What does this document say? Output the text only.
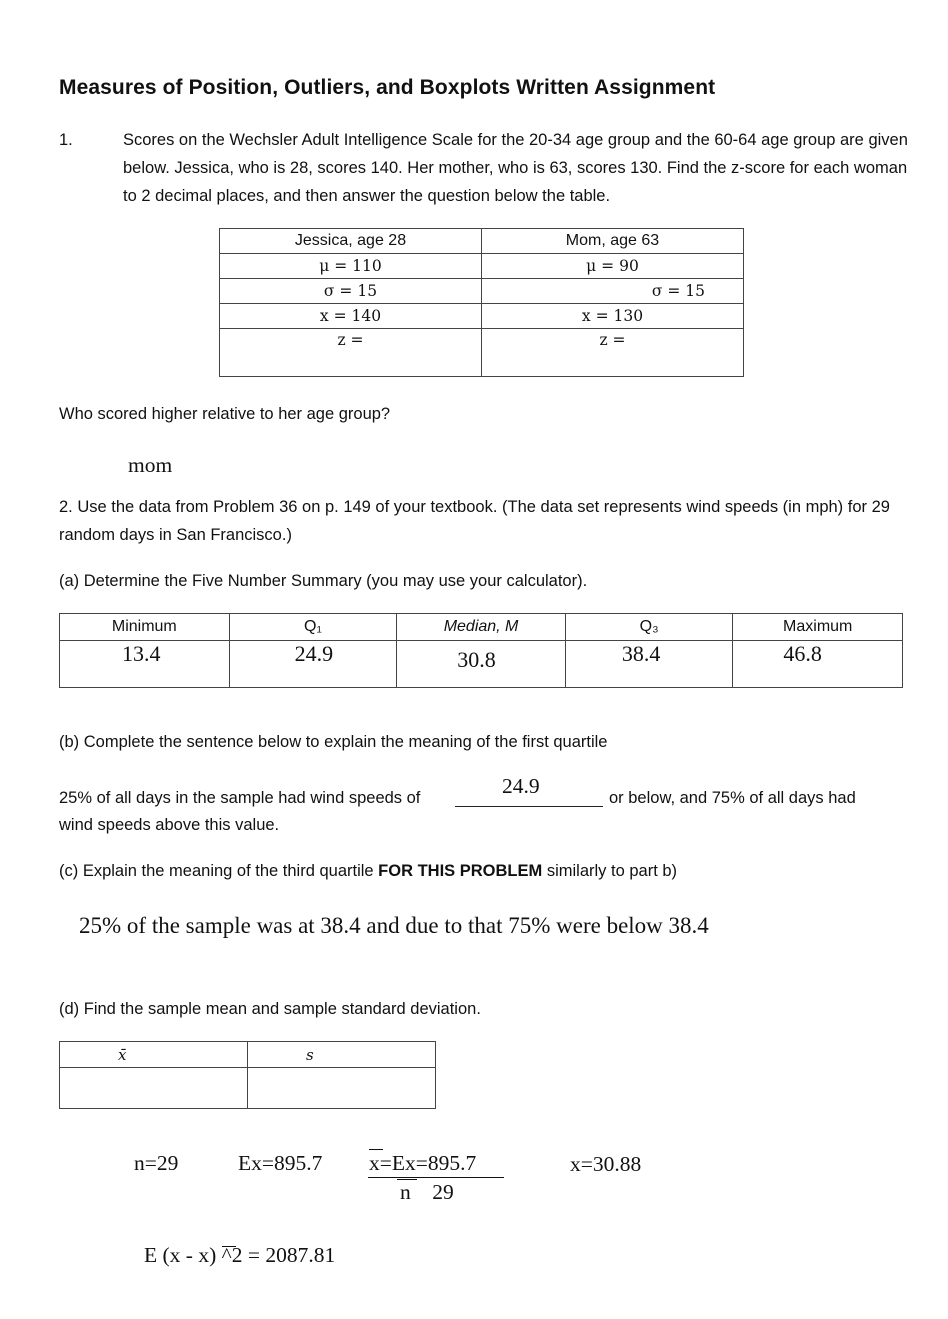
Measures of Position, Outliers, and Boxplots Written Assignment
1.	Scores on the Wechsler Adult Intelligence Scale for the 20-34 age group and the 60-64 age group are given below. Jessica, who is 28, scores 140. Her mother, who is 63, scores 130. Find the z-score for each woman to 2 decimal places, and then answer the question below the table.
Jessica, age 28	Mom, age 63
μ = 110	μ = 90
σ = 15	σ = 15
x = 140	x = 130
z =	z =
Who scored higher relative to her age group?
mom
2. Use the data from Problem 36 on p. 149 of your textbook. (The data set represents wind speeds (in mph) for 29 random days in San Francisco.)
(a) Determine the Five Number Summary (you may use your calculator).
Minimum	Q₁	Median, M	Q₃	Maximum
13.4	24.9	30.8	38.4	46.8
(b) Complete the sentence below to explain the meaning of the first quartile
25% of all days in the sample had wind speeds of	24.9	or below, and 75% of all days had
wind speeds above this value.
(c) Explain the meaning of the third quartile FOR THIS PROBLEM similarly to part b)
25% of the sample was at 38.4 and due to that 75% were below 38.4
(d) Find the sample mean and sample standard deviation.
x̄	s

n=29	Ex=895.7 x=Ex=895.7
n    29
x=30.88
E (x - x) ^2 = 2087.81
